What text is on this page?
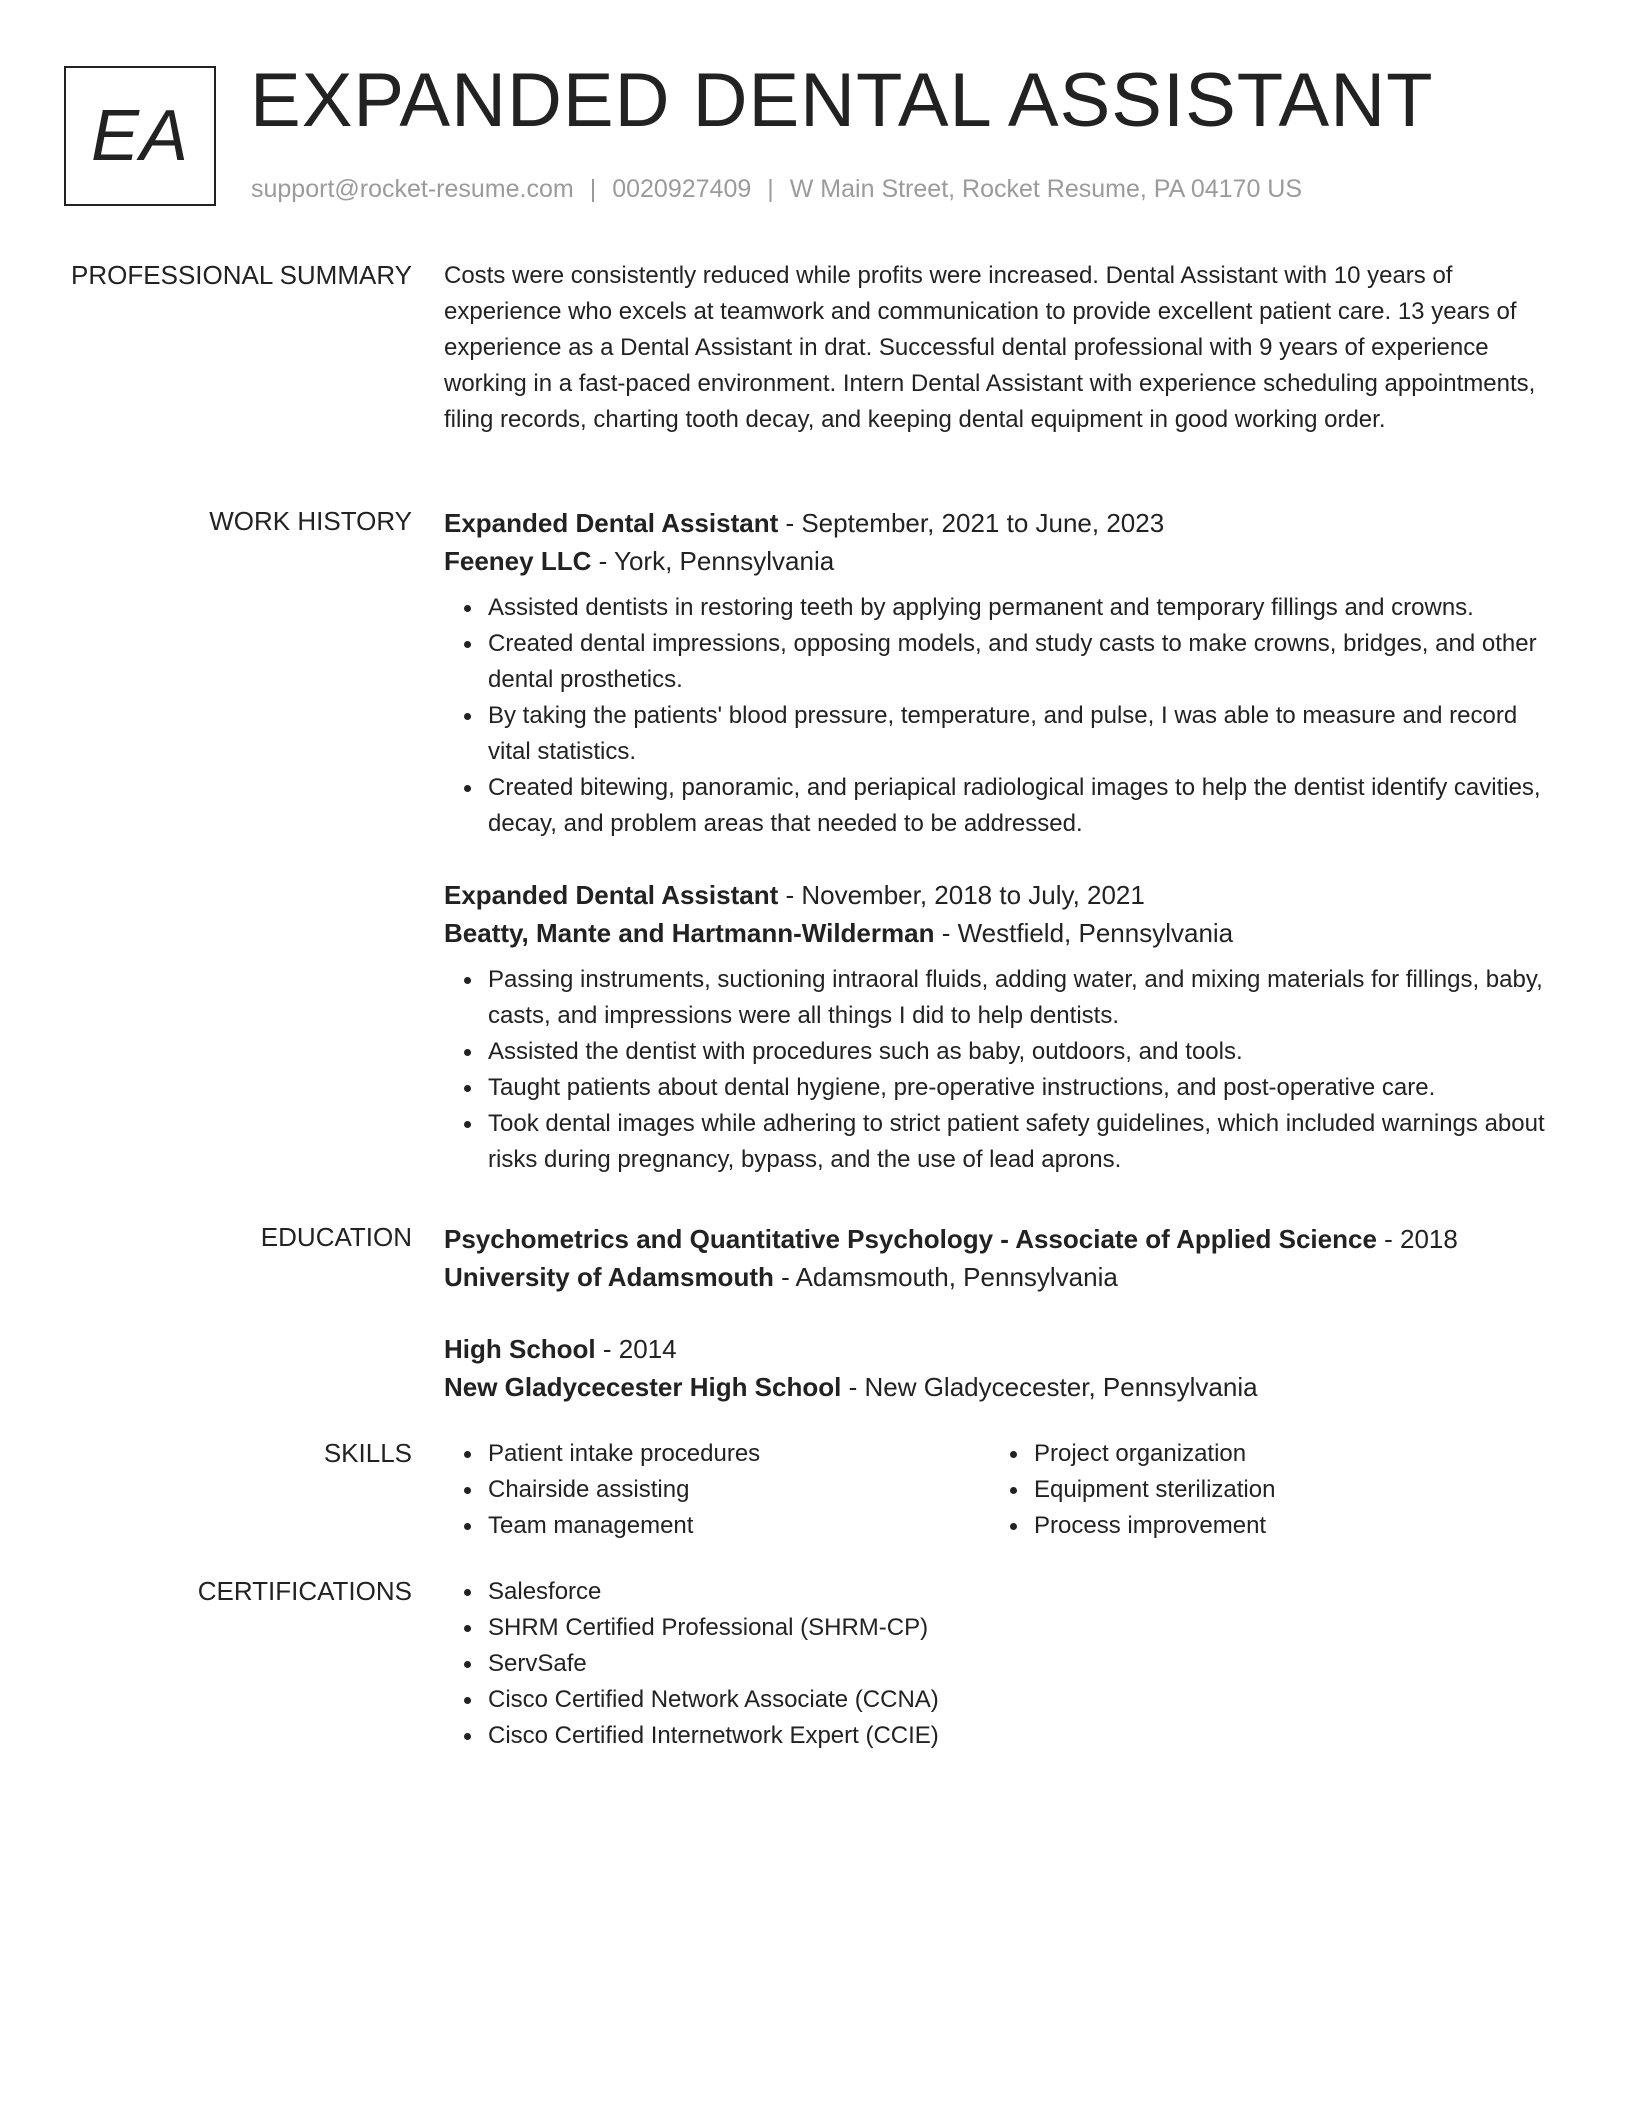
EA EXPANDED DENTAL ASSISTANT
support@rocket-resume.com | 0020927409 | W Main Street, Rocket Resume, PA 04170 US
PROFESSIONAL SUMMARY Costs were consistently reduced while profits were increased. Dental Assistant with 10 years of experience who excels at teamwork and communication to provide excellent patient care. 13 years of experience as a Dental Assistant in drat. Successful dental professional with 9 years of experience working in a fast-paced environment. Intern Dental Assistant with experience scheduling appointments, filing records, charting tooth decay, and keeping dental equipment in good working order.

WORK HISTORY Expanded Dental Assistant - September, 2021 to June, 2023
Feeney LLC - York, Pennsylvania
Assisted dentists in restoring teeth by applying permanent and temporary fillings and crowns.
Created dental impressions, opposing models, and study casts to make crowns, bridges, and other dental prosthetics.
By taking the patients' blood pressure, temperature, and pulse, I was able to measure and record vital statistics.
Created bitewing, panoramic, and periapical radiological images to help the dentist identify cavities, decay, and problem areas that needed to be addressed.
Expanded Dental Assistant - November, 2018 to July, 2021
Beatty, Mante and Hartmann-Wilderman - Westfield, Pennsylvania
Passing instruments, suctioning intraoral fluids, adding water, and mixing materials for fillings, baby, casts, and impressions were all things I did to help dentists.
Assisted the dentist with procedures such as baby, outdoors, and tools.
Taught patients about dental hygiene, pre-operative instructions, and post-operative care.
Took dental images while adhering to strict patient safety guidelines, which included warnings about risks during pregnancy, bypass, and the use of lead aprons.
EDUCATION Psychometrics and Quantitative Psychology - Associate of Applied Science - 2018
University of Adamsmouth - Adamsmouth, Pennsylvania
High School - 2014
New Gladycecester High School - New Gladycecester, Pennsylvania
SKILLS	Patient intake procedures
Chairside assisting
Team management
Project organization
Equipment sterilization
Process improvement
CERTIFICATIONS	Salesforce
SHRM Certified Professional (SHRM-CP)
ServSafe
Cisco Certified Network Associate (CCNA)
Cisco Certified Internetwork Expert (CCIE)
